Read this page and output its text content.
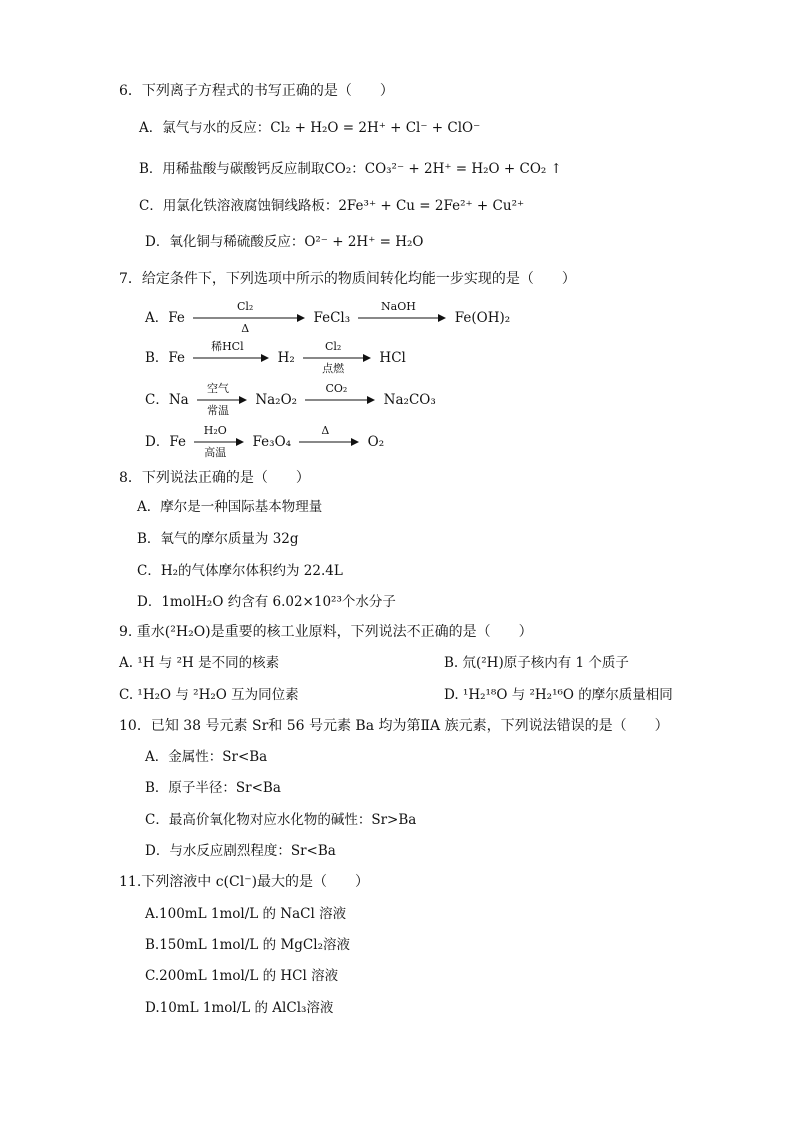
6．下列离子方程式的书写正确的是（　　）
A．氯气与水的反应：Cl₂ + H₂O = 2H⁺ + Cl⁻ + ClO⁻
B．用稀盐酸与碳酸钙反应制取CO₂：CO₃²⁻ + 2H⁺ = H₂O + CO₂ ↑
C．用氯化铁溶液腐蚀铜线路板：2Fe³⁺ + Cu = 2Fe²⁺ + Cu²⁺
D．氧化铜与稀硫酸反应：O²⁻ + 2H⁺ = H₂O
7．给定条件下，下列选项中所示的物质间转化均能一步实现的是（　　）
A．Fe
Cl₂
Δ
FeCl₃
NaOH
Fe(OH)₂
B．Fe
稀HCl
H₂
Cl₂
点燃
HCl
C．Na
空气
常温
Na₂O₂
CO₂
Na₂CO₃
D．Fe
H₂O
高温
Fe₃O₄
Δ
O₂
8．下列说法正确的是（　　）
A．摩尔是一种国际基本物理量
B．氧气的摩尔质量为 32g
C．H₂的气体摩尔体积约为 22.4L
D．1molH₂O 约含有 6.02×10²³个水分子
9. 重水(²H₂O)是重要的核工业原料，下列说法不正确的是（　　）
A. ¹H 与 ²H 是不同的核素	B. 氘(²H)原子核内有 1 个质子
C. ¹H₂O 与 ²H₂O 互为同位素	D. ¹H₂¹⁸O 与 ²H₂¹⁶O 的摩尔质量相同
10．已知 38 号元素 Sr和 56 号元素 Ba 均为第ⅡA 族元素，下列说法错误的是（　　）
A．金属性：Sr<Ba
B．原子半径：Sr<Ba
C．最高价氧化物对应水化物的碱性：Sr>Ba
D．与水反应剧烈程度：Sr<Ba
11.下列溶液中 c(Cl⁻)最大的是（　　）
A.100mL 1mol/L 的 NaCl 溶液
B.150mL 1mol/L 的 MgCl₂溶液
C.200mL 1mol/L 的 HCl 溶液
D.10mL 1mol/L 的 AlCl₃溶液
